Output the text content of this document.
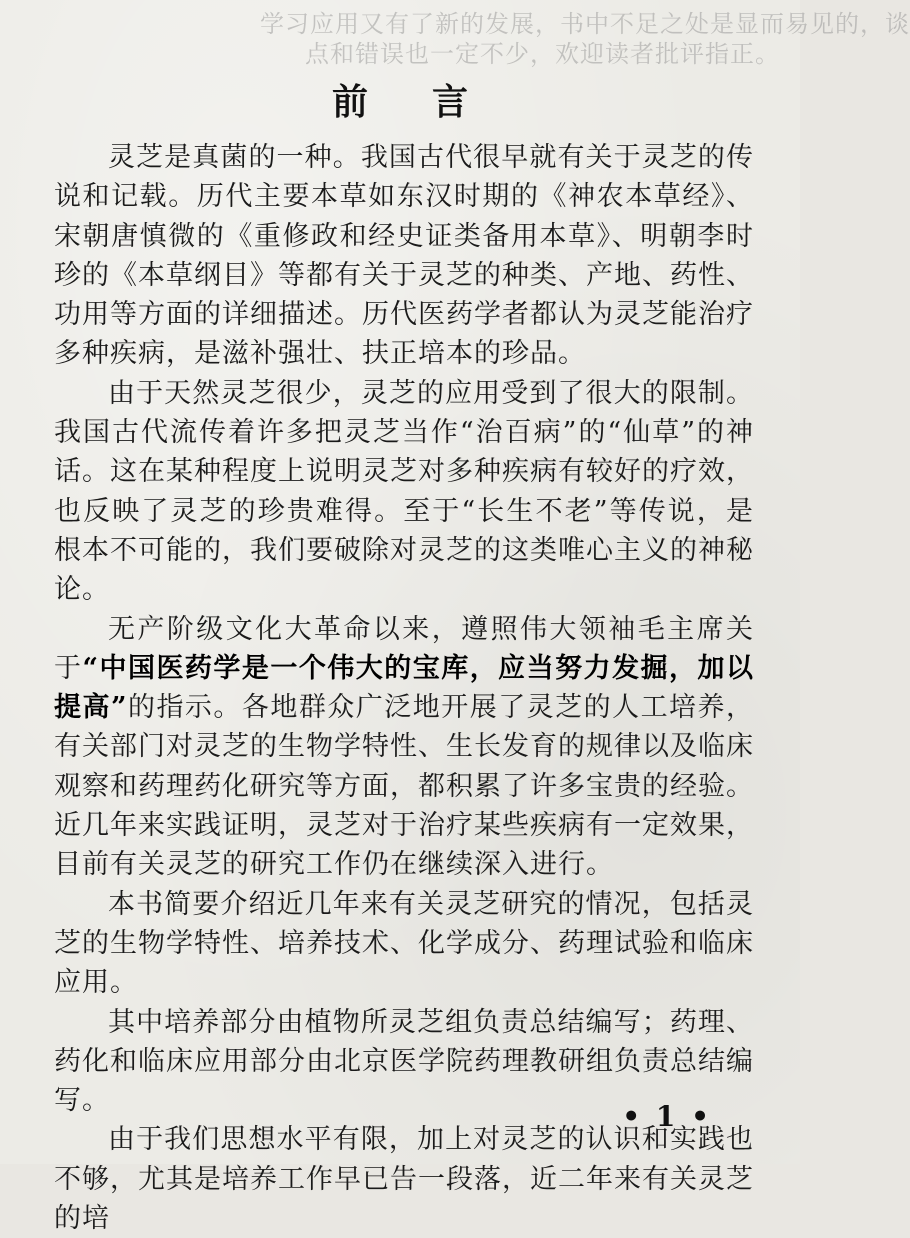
学习应用又有了新的发展，书中不足之处是显而易见的，谈
点和错误也一定不少，欢迎读者批评指正。
前言

灵芝是真菌的一种。我国古代很早就有关于灵芝的传说和记载。历代主要本草如东汉时期的《神农本草经》、宋朝唐慎微的《重修政和经史证类备用本草》、明朝李时珍的《本草纲目》等都有关于灵芝的种类、产地、药性、功用等方面的详细描述。历代医药学者都认为灵芝能治疗多种疾病，是滋补强壮、扶正培本的珍品。

由于天然灵芝很少，灵芝的应用受到了很大的限制。我国古代流传着许多把灵芝当作“治百病”的“仙草”的神话。这在某种程度上说明灵芝对多种疾病有较好的疗效，也反映了灵芝的珍贵难得。至于“长生不老”等传说，是根本不可能的，我们要破除对灵芝的这类唯心主义的神秘论。

无产阶级文化大革命以来，遵照伟大领袖毛主席关于“中国医药学是一个伟大的宝库，应当努力发掘，加以提高”的指示。各地群众广泛地开展了灵芝的人工培养，有关部门对灵芝的生物学特性、生长发育的规律以及临床观察和药理药化研究等方面，都积累了许多宝贵的经验。近几年来实践证明，灵芝对于治疗某些疾病有一定效果，目前有关灵芝的研究工作仍在继续深入进行。

本书简要介绍近几年来有关灵芝研究的情况，包括灵芝的生物学特性、培养技术、化学成分、药理试验和临床应用。

其中培养部分由植物所灵芝组负责总结编写；药理、药化和临床应用部分由北京医学院药理教研组负责总结编写。

由于我们思想水平有限，加上对灵芝的认识和实践也不够，尤其是培养工作早已告一段落，近二年来有关灵芝的培

• 1 •
